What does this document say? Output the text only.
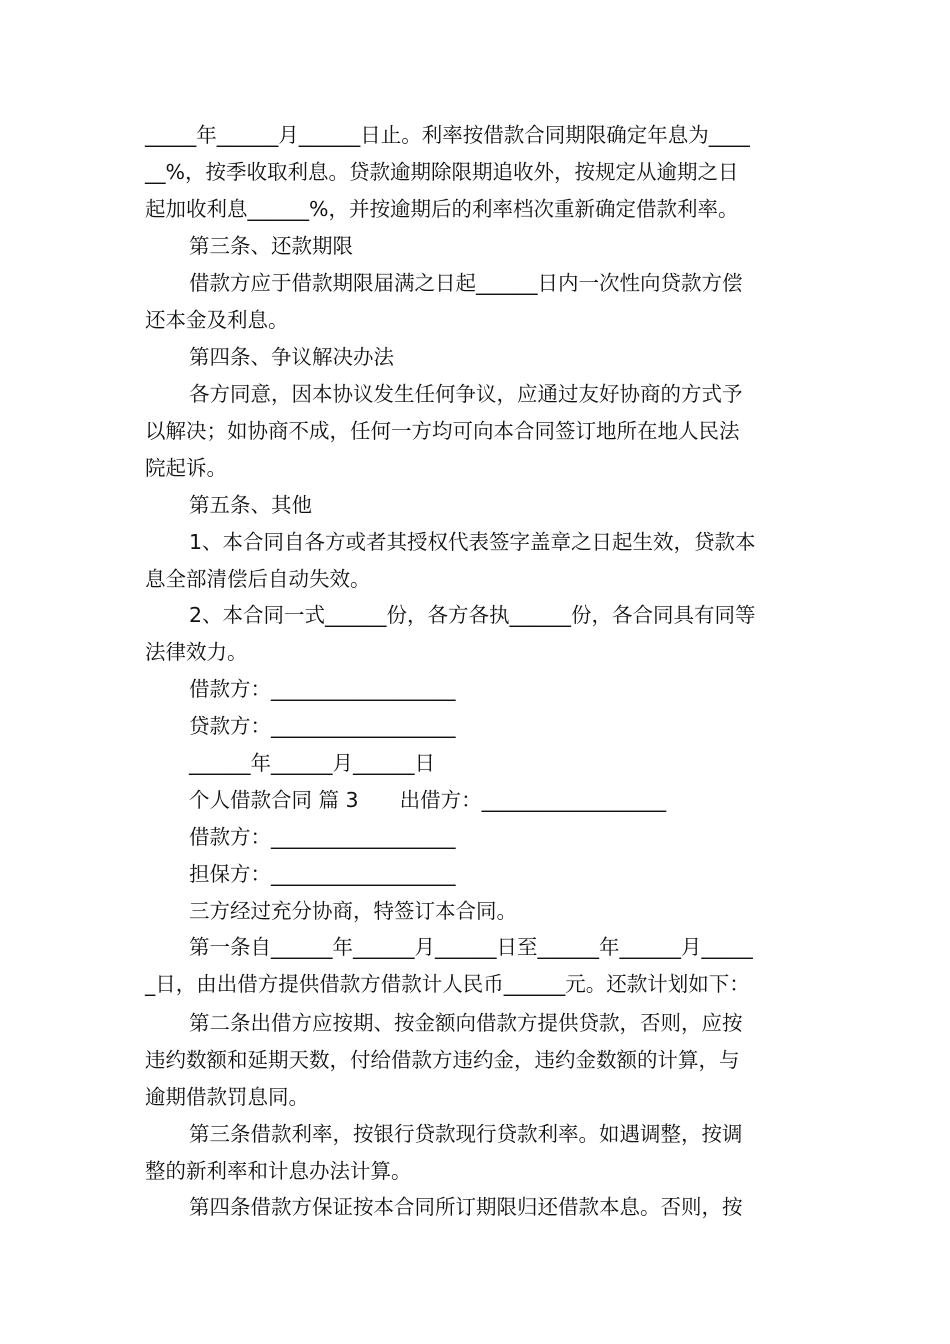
_____年______月______日止。利率按借款合同期限确定年息为____
__%，按季收取利息。贷款逾期除限期追收外，按规定从逾期之日
起加收利息______%，并按逾期后的利率档次重新确定借款利率。
第三条、还款期限
借款方应于借款期限届满之日起______日内一次性向贷款方偿
还本金及利息。
第四条、争议解决办法
各方同意，因本协议发生任何争议，应通过友好协商的方式予
以解决；如协商不成，任何一方均可向本合同签订地所在地人民法
院起诉。
第五条、其他
1、本合同自各方或者其授权代表签字盖章之日起生效，贷款本
息全部清偿后自动失效。
2、本合同一式______份，各方各执______份，各合同具有同等
法律效力。
借款方：__________________
贷款方：__________________
______年______月______日
个人借款合同 篇 3　　出借方：__________________
借款方：__________________
担保方：__________________
三方经过充分协商，特签订本合同。
第一条自______年______月______日至______年______月_____
_日，由出借方提供借款方借款计人民币______元。还款计划如下：
第二条出借方应按期、按金额向借款方提供贷款，否则，应按
违约数额和延期天数，付给借款方违约金，违约金数额的计算，与
逾期借款罚息同。
第三条借款利率，按银行贷款现行贷款利率。如遇调整，按调
整的新利率和计息办法计算。
第四条借款方保证按本合同所订期限归还借款本息。否则，按
